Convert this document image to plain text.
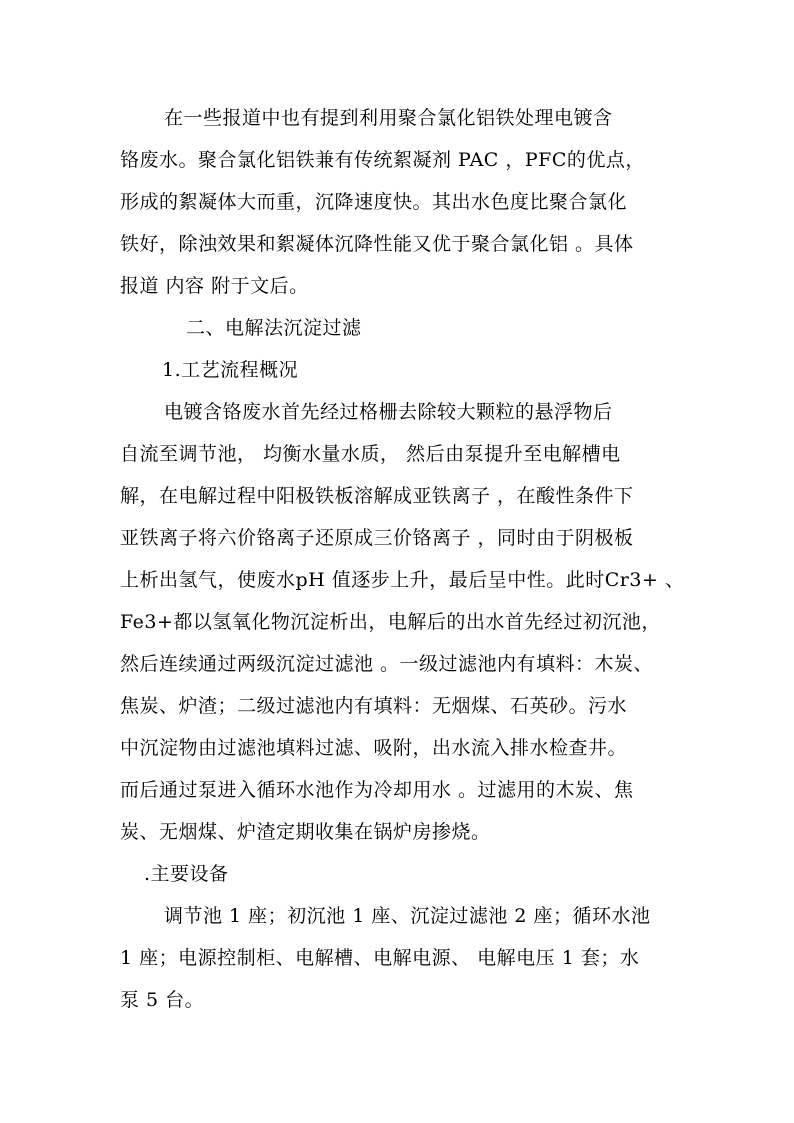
在一些报道中也有提到利用聚合氯化铝铁处理电镀含
铬废水。聚合氯化铝铁兼有传统絮凝剂 PAC ，PFC的优点，
形成的絮凝体大而重，沉降速度快。其出水色度比聚合氯化
铁好，除浊效果和絮凝体沉降性能又优于聚合氯化铝 。具体
报道 内容 附于文后。
二、电解法沉淀过滤
1.工艺流程概况
电镀含铬废水首先经过格栅去除较大颗粒的悬浮物后
自流至调节池， 均衡水量水质， 然后由泵提升至电解槽电
解，在电解过程中阳极铁板溶解成亚铁离子 ，在酸性条件下
亚铁离子将六价铬离子还原成三价铬离子 ，同时由于阴极板
上析出氢气，使废水pH 值逐步上升，最后呈中性。此时Cr3+ 、
Fe3+都以氢氧化物沉淀析出，电解后的出水首先经过初沉池，
然后连续通过两级沉淀过滤池 。一级过滤池内有填料：木炭、
焦炭、炉渣；二级过滤池内有填料：无烟煤、石英砂。污水
中沉淀物由过滤池填料过滤、吸附，出水流入排水检查井。
而后通过泵进入循环水池作为冷却用水 。过滤用的木炭、焦
炭、无烟煤、炉渣定期收集在锅炉房掺烧。
.主要设备
调节池 1 座；初沉池 1 座、沉淀过滤池 2 座；循环水池
1 座；电源控制柜、电解槽、电解电源、 电解电压 1 套；水
泵 5 台。
